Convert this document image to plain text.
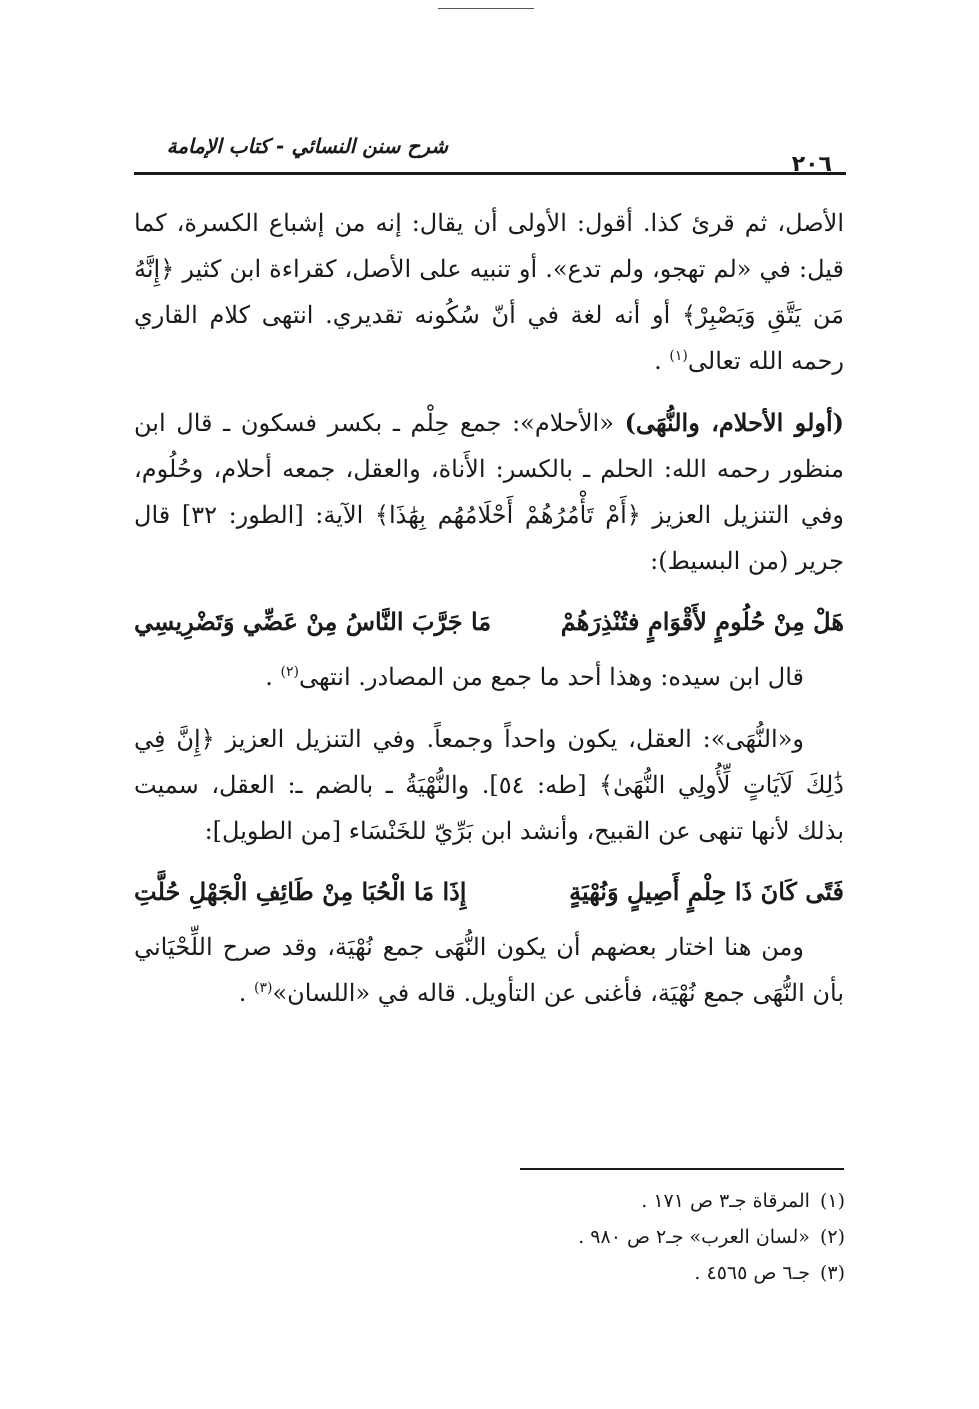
شرح سنن النسائي - كتاب الإمامة
٢٠٦

الأصل، ثم قرئ كذا. أقول: الأولى أن يقال: إنه من إشباع الكسرة، كما قيل: في «لم تهجو، ولم تدع». أو تنبيه على الأصل، كقراءة ابن كثير ﴿إِنَّهُ مَن يَتَّقِ وَيَصْبِرْ﴾ أو أنه لغة في أنّ سُكُونه تقديري. انتهى كلام القاري رحمه الله تعالى$^{(١)}$ .

(أولو الأحلام، والنُّهَى) «الأحلام»: جمع حِلْم ـ بكسر فسكون ـ قال ابن منظور رحمه الله: الحلم ـ بالكسر: الأَناة، والعقل، جمعه أحلام، وحُلُوم، وفي التنزيل العزيز ﴿أَمْ تَأْمُرُهُمْ أَحْلَامُهُم بِهَٰذَا﴾ الآية: [الطور: ٣٢] قال جرير (من البسيط):

هَلْ مِنْ حُلُومٍ لأَقْوَامٍ فتُنْذِرَهُمْ
مَا جَرَّبَ النَّاسُ مِنْ عَضِّي وَتَضْرِيسِي

قال ابن سيده: وهذا أحد ما جمع من المصادر. انتهى$^{(٢)}$ .

و«النُّهَى»: العقل، يكون واحداً وجمعاً. وفي التنزيل العزيز ﴿إِنَّ فِي ذَٰلِكَ لَآيَاتٍ لِّأُولِي النُّهَىٰ﴾ [طه: ٥٤]. والنُّهْيَةُ ـ بالضم ـ: العقل، سميت بذلك لأنها تنهى عن القبيح، وأنشد ابن بَرِّيّ للخَنْسَاء [من الطويل]:

فَتًى كَانَ ذَا حِلْمٍ أَصِيلٍ وَنُهْيَةٍ
إِذَا مَا الْحُبَا مِنْ طَائِفِ الْجَهْلِ حُلَّتِ

ومن هنا اختار بعضهم أن يكون النُّهَى جمع نُهْيَة، وقد صرح اللِّحْيَاني بأن النُّهَى جمع نُهْيَة، فأغنى عن التأويل. قاله في «اللسان»$^{(٣)}$ .

(١)المرقاة جـ٣ ص ١٧١ .
(٢)«لسان العرب» جـ٢ ص ٩٨٠ .
(٣)جـ٦ ص ٤٥٦٥ .
